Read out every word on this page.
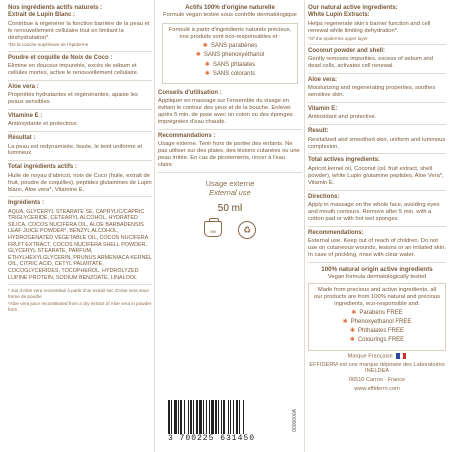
Nos ingrédients actifs naturels :
Extrait de Lupin Blanc :
Contribue à régénérer la fonction barrière de la peau et le renouvellement cellulaire tout en limitant la déshydratation*.
*De la couche supérieure de l'épiderme
Poudre et coquille de Noix de Coco :
Elimine en douceur impuretés, excès de sébum et cellules mortes, active le renouvellement cellulaire.
Aloe vera :
Propriétés hydratantes et régénérantes, apaise les peaux sensibles.
Vitamine E :
Antioxydante et protectrice.
Résultat :
La peau est redynamisée, lissée, le teint uniforme et lumineux
Total ingrédients actifs :
Huile de noyau d'abricot, noix de Coco (huile, extrait de fruit, poudre de coquilles), peptides glutamines de Lupin blanc, Aloe vera*, Vitamine E.
Ingrédients :
AQUA, GLYCERYL STEARATE SE, CAPRYLIC/CAPRIC TRIGLYCERIDE, CETEARYL ALCOHOL, HYDRATED SILICA, COCOS NUCIFERA OIL, ALOE BARBADENSIS LEAF JUICE POWDER*, BENZYL ALCOHOL, HYDROGENATED VEGETABLE OIL, COCOS NUCIFERA FRUIT EXTRACT, COCOS NUCIFERA SHELL POWDER, GLYCERYL STEARATE, PARFUM, ETHYLHEXYLGLYCERIN, PRUNUS ARMENIACA KERNEL OIL, CITRIC ACID, CETYL PALMITATE, COCOGLYCERIDES, TOCOPHEROL, HYDROLYZED LUPINE PROTEIN, SODIUM BENZOATE, LINALOOL
* Jus d'Aloe vera reconstitué à partir d'un extrait sec d'Aloe vera sous forme de poudre
*Aloe vera juice reconstituted from a dry extract of Aloe vera in powder form
Actifs 100% d'origine naturelle
Formule vegan testée sous contrôle dermatologique
Formulé à partir d'ingrédients naturels précieux, nos produits sont éco-responsables et :
✱ SANS parabènes
✱ SANS phenoxyéthanol
✱ SANS phtalates
✱ SANS colorants
Conseils d'utilisation :
Appliquer en massage sur l'ensemble du visage en évitant le contour des yeux et de la bouche. Enlever après 5 min. de pose avec un coton ou des éponges imprégnées d'eau chaude.
Recommandations :
Usage externe. Tenir hors de portée des enfants. Ne pas utiliser sur des plaies, des lésions cutanées ou une peau irritée. En cas de picotements, rincer à l'eau claire.
Usage externe
External use
50 ml
9M	♻
3 700225 631450
0000000A
Our natural active ingredients:
White Lupin Extracts:
Helps regenerate skin's barrier function and cell renewal while limiting dehydration*.
*Of the epidermis upper layer
Coconut powder and shell:
Gently removes impurities, excess of sebum and dead cells, activates cell renewal.
Aloe vera:
Moisturizing and regenerating properties, soothes sensitive skin.
Vitamin E:
Antioxidant and protective.
Result:
Revitalized and smoothed skin, uniform and luminous complexion.
Total actives ingredients:
Apricot kernel oil, Coconut (oil, fruit extract, shell powder), white Lupin glutamine peptides, Aloe Vera*, Vitamin E.
Directions:
Apply in massage on the whole face, avoiding eyes and mouth contours. Remove after 5 min. with a cotton pad or with hot wet sponges.
Recommendations:
External use. Keep out of reach of children. Do not use on cutaneous wounds, lesions or an irritated skin. In case of prickling, rinse with clear water.
100% natural origin active ingredients
Vegan formula dermatologically tested
Made from precious and active ingredients, all our products are from 100% natural and precious ingredients, eco-responsible and:
✱ Parabens FREE
✱ Phenoxyethanol FREE
✱ Phthalates FREE
✱ Colourings FREE
Marque Française
EFFIDERM est une marque déposée des Laboratoires INELDEA
06510 Carros · France
www.effiderm.com
